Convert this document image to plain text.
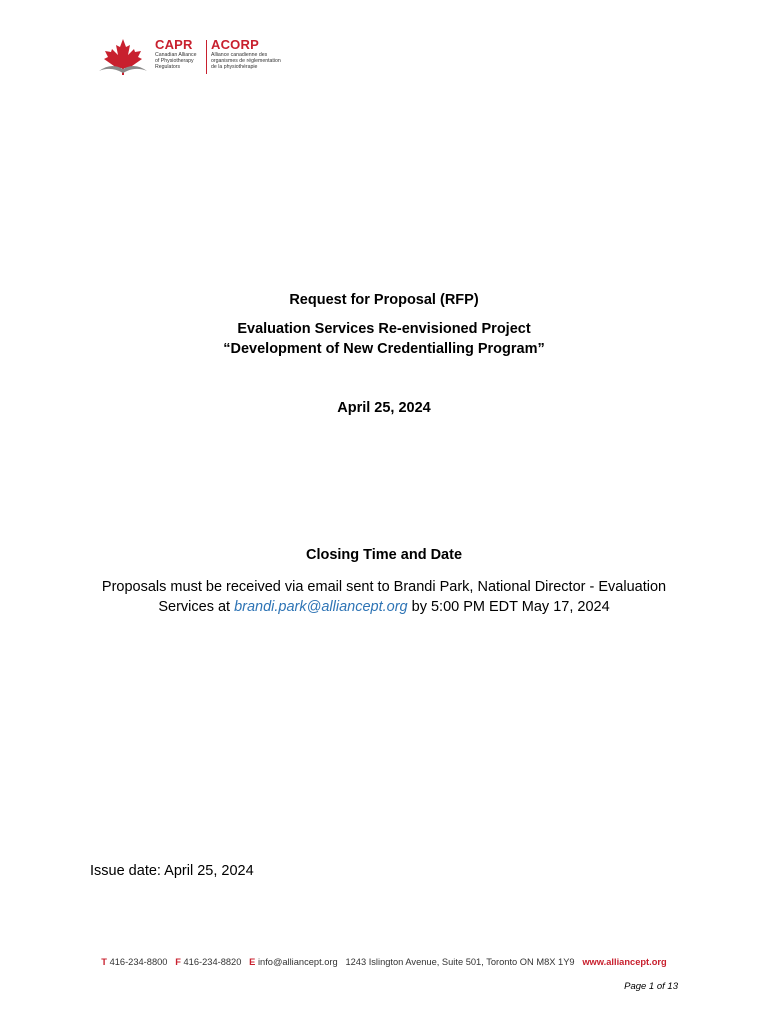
CAPR
Canadian Alliance
of Physiotherapy
Regulators
ACORP
Alliance canadienne des
organismes de réglementation
de la physiothérapie
Request for Proposal (RFP)
Evaluation Services Re-envisioned Project
“Development of New Credentialling Program”
April 25, 2024
Closing Time and Date
Proposals must be received via email sent to Brandi Park, National Director - Evaluation Services at brandi.park@alliancept.org by 5:00 PM EDT May 17, 2024
Issue date: April 25, 2024
T 416-234-8800 F 416-234-8820 E info@alliancept.org 1243 Islington Avenue, Suite 501, Toronto ON M8X 1Y9 www.alliancept.org
Page 1 of 13
